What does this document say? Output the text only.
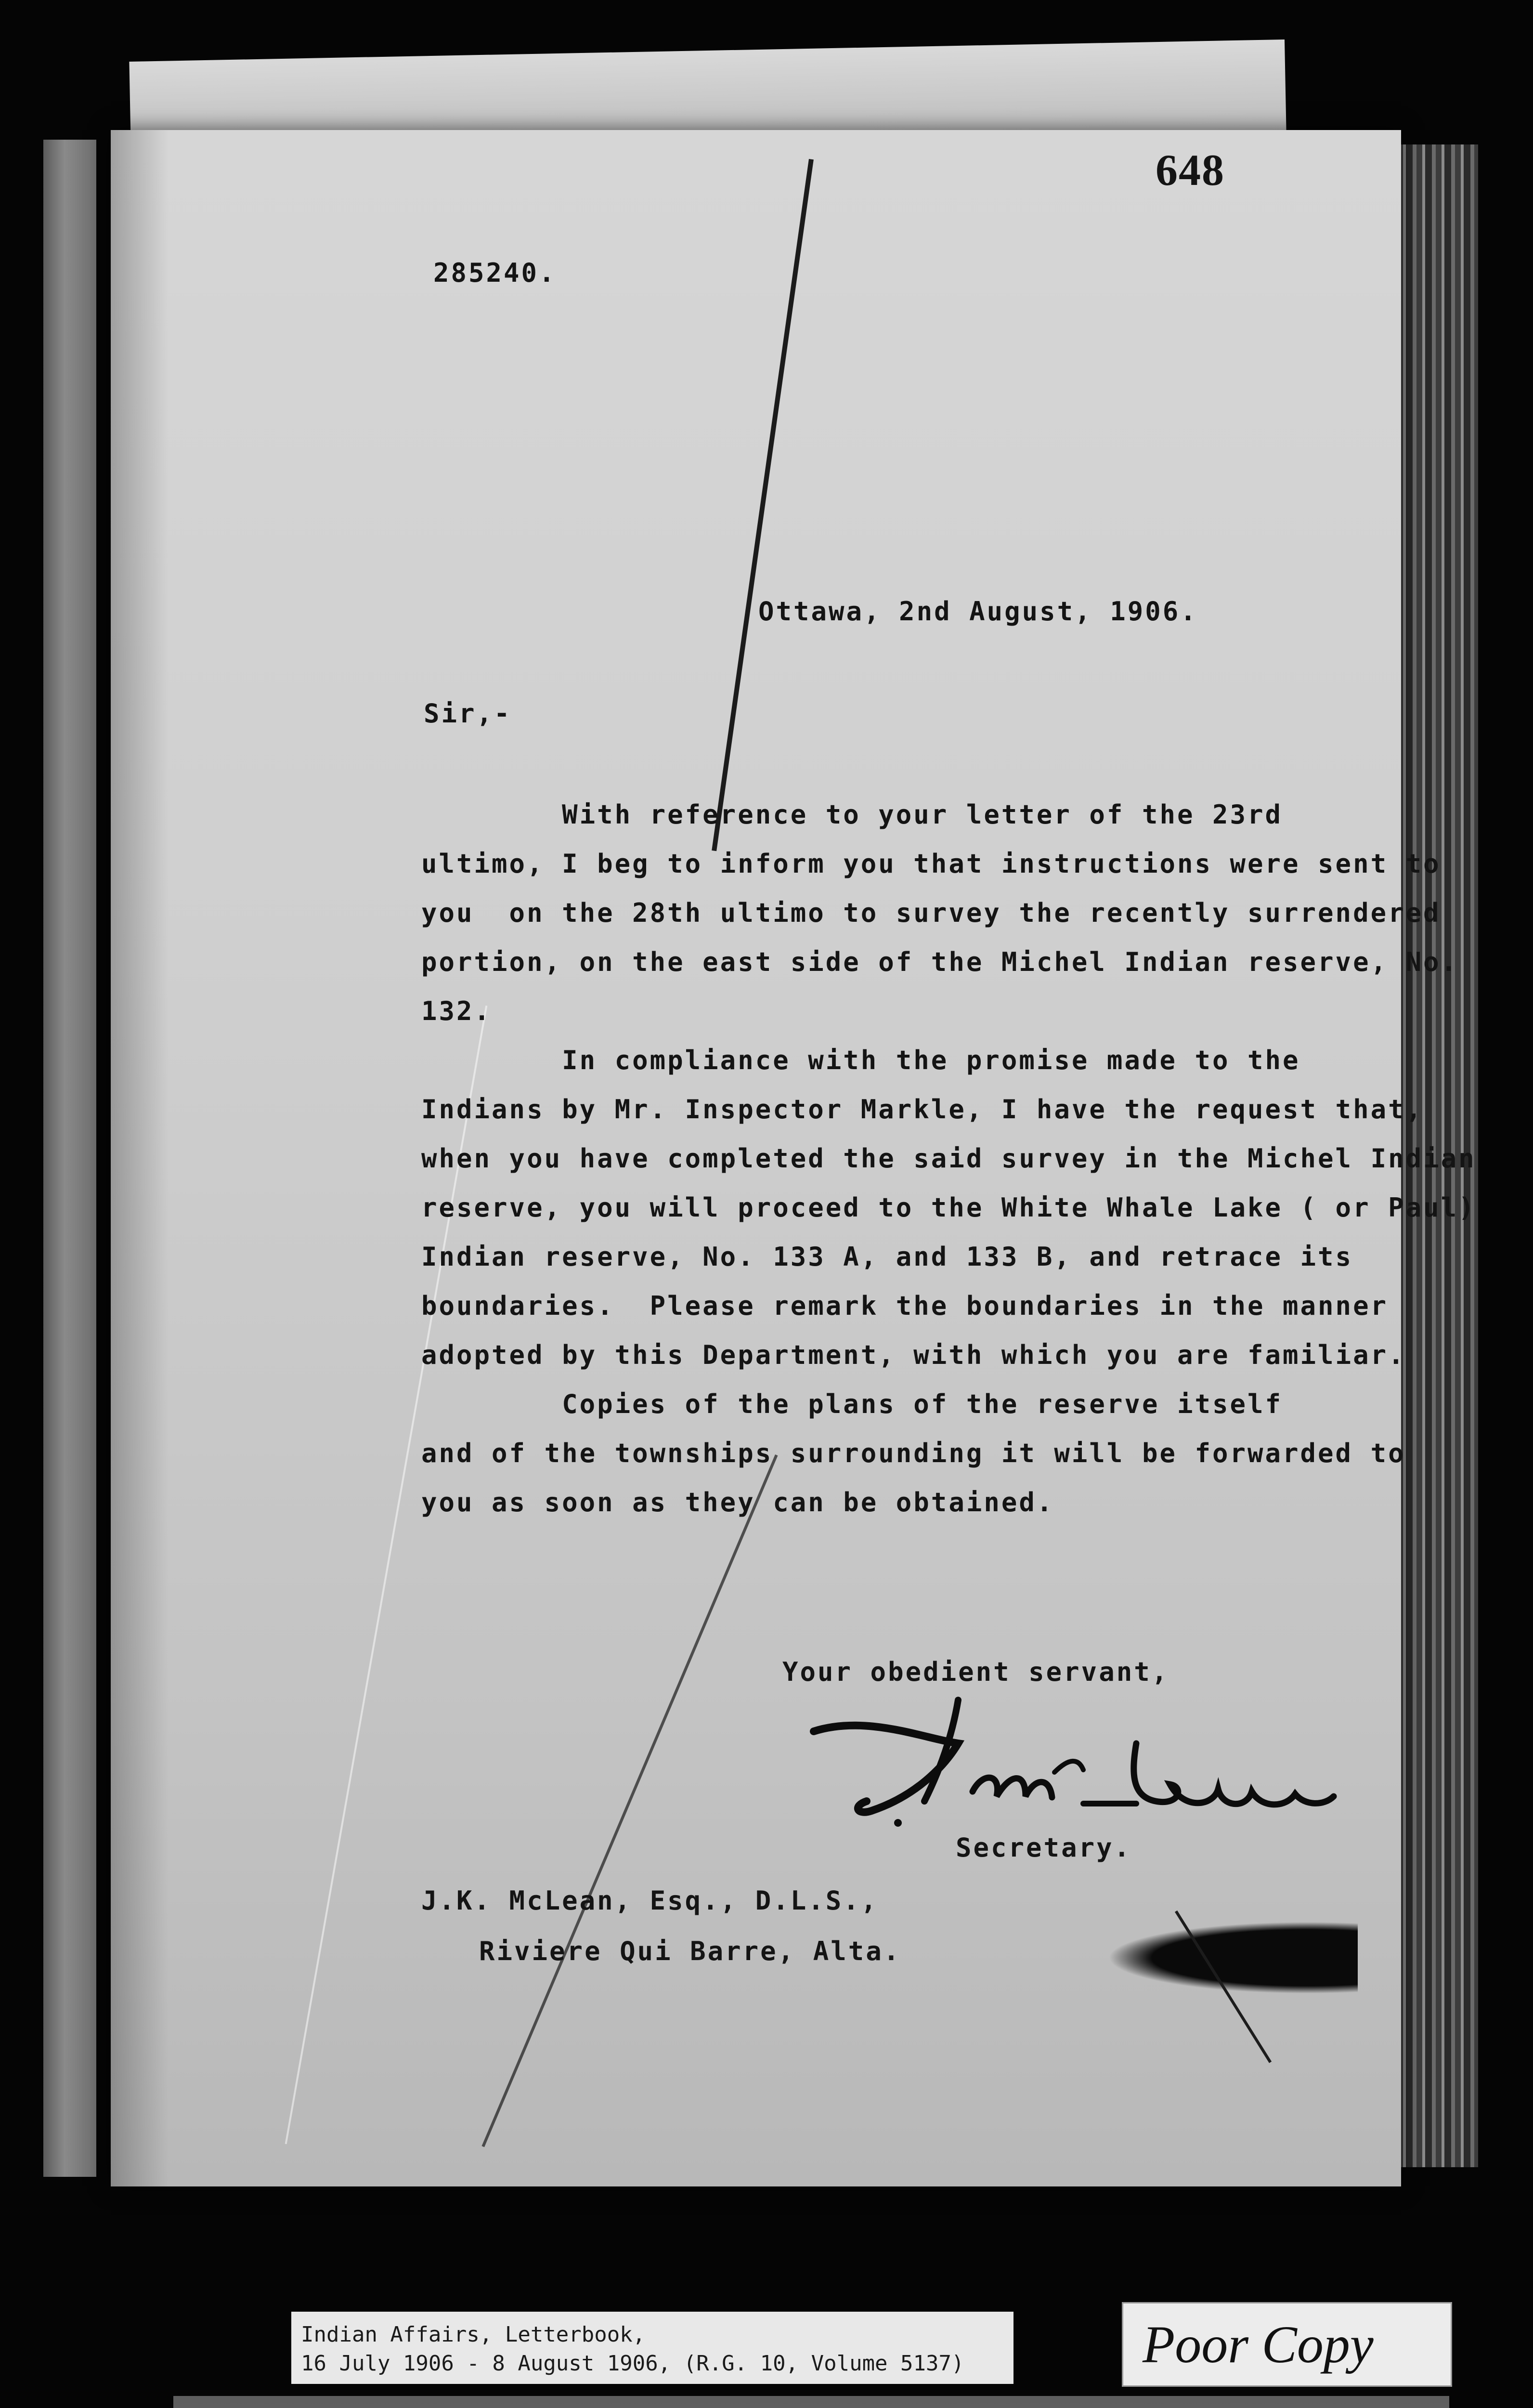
648
285240.
Ottawa, 2nd August, 1906.
Sir,-
With reference to your letter of the 23rd
ultimo, I beg to inform you that instructions were sent to
you  on the 28th ultimo to survey the recently surrendered
portion, on the east side of the Michel Indian reserve, No.
132.
In compliance with the promise made to the
Indians by Mr. Inspector Markle, I have the request that,
when you have completed the said survey in the Michel Indian
reserve, you will proceed to the White Whale Lake ( or Paul)
Indian reserve, No. 133 A, and 133 B, and retrace its
boundaries.  Please remark the boundaries in the manner
adopted by this Department, with which you are familiar.
Copies of the plans of the reserve itself
and of the townships surrounding it will be forwarded to
you as soon as they can be obtained.
Your obedient servant,
Secretary.
J.K. McLean, Esq., D.L.S.,
Riviere Qui Barre, Alta.
Indian Affairs, Letterbook,
16 July 1906 - 8 August 1906, (R.G. 10, Volume 5137)	Poor Copy
